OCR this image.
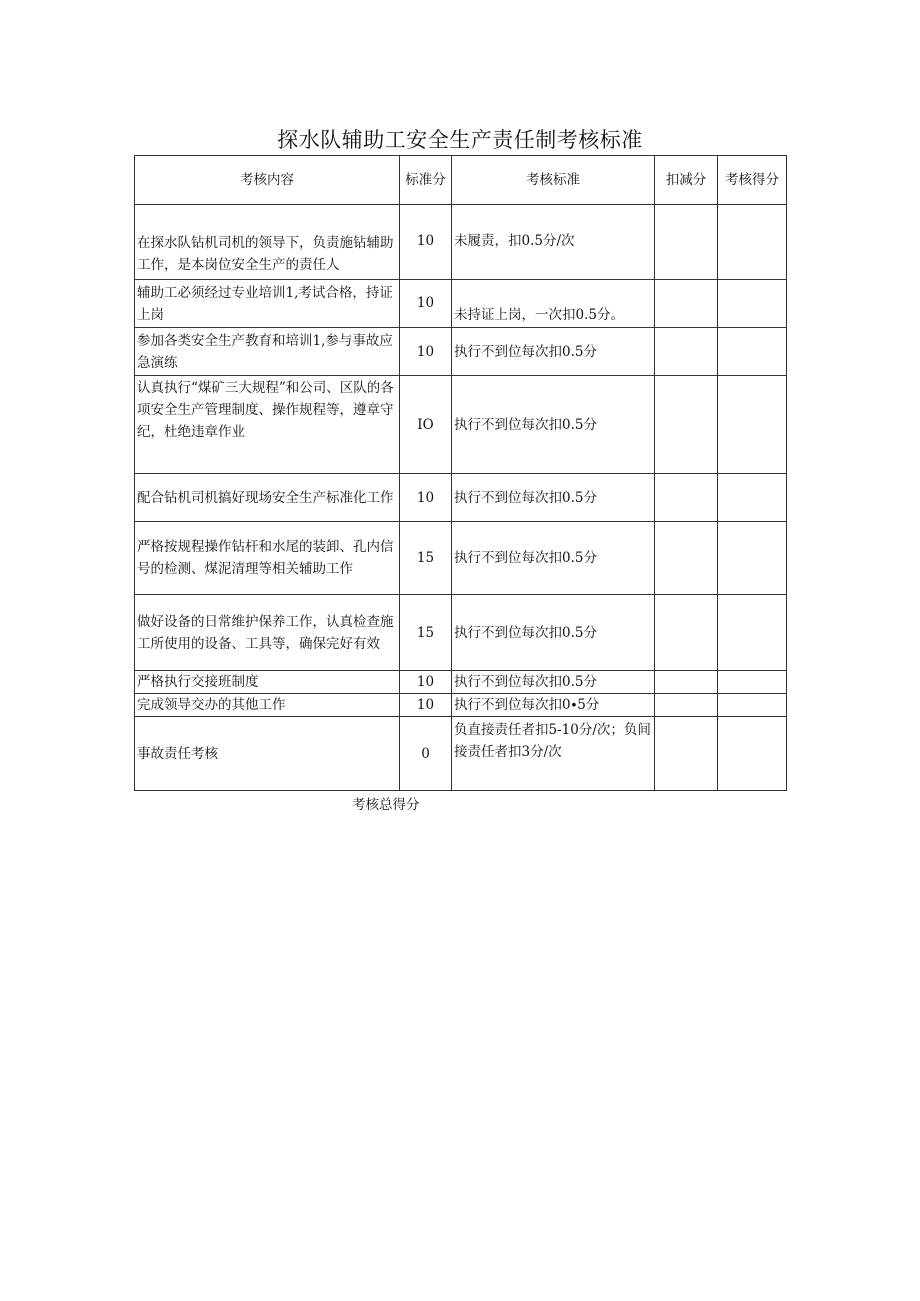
探水队辅助工安全生产责任制考核标准
考核内容	标准分	考核标准	扣减分	考核得分
在探水队钻机司机的领导下，负责施钻辅助工作，是本岗位安全生产的责任人	10	未履责，扣0.5分/次		
辅助工必须经过专业培训1,考试合格，持证上岗	10	未持证上岗，一次扣0.5分。		
参加各类安全生产教育和培训1,参与事故应急演练	10	执行不到位每次扣0.5分		
认真执行“煤矿三大规程”和公司、区队的各项安全生产管理制度、操作规程等，遵章守纪，杜绝违章作业	IO	执行不到位每次扣0.5分		
配合钻机司机搞好现场安全生产标准化工作	10	执行不到位每次扣0.5分		
严格按规程操作钻杆和水尾的装卸、孔内信号的检测、煤泥清理等相关辅助工作	15	执行不到位每次扣0.5分		
做好设备的日常维护保养工作，认真检查施工所使用的设备、工具等，确保完好有效	15	执行不到位每次扣0.5分		
严格执行交接班制度	10	执行不到位每次扣0.5分		
完成领导交办的其他工作	10	执行不到位每次扣0∙5分		
事故责任考核	0	负直接责任者扣5-10分/次；负间接责任者扣3分/次		
考核总得分
